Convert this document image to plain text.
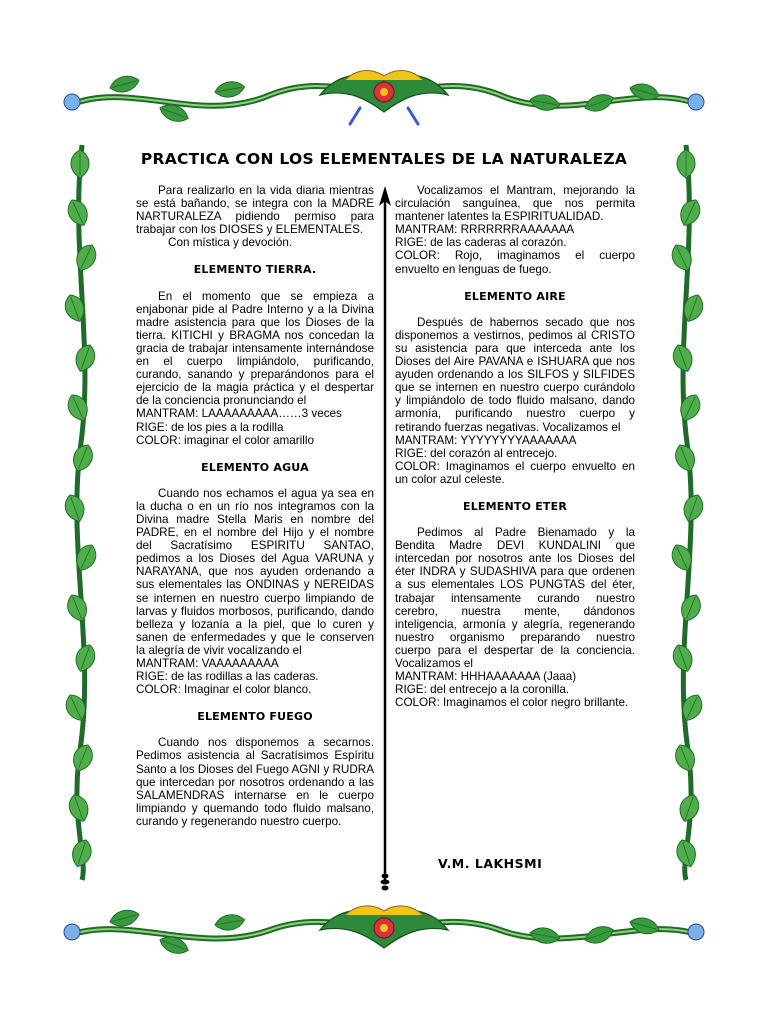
PRACTICA CON LOS ELEMENTALES DE LA NATURALEZA

Para realizarlo en la vida diaria mientras se está bañando, se integra con la MADRE NARTURALEZA pidiendo permiso para trabajar con los DIOSES y ELEMENTALES.

Con mística y devoción.

ELEMENTO TIERRA.

En el momento que se empieza a enjabonar pide al Padre Interno y a la Divina madre asistencia para que los Dioses de la tierra. KITICHI y BRAGMA nos concedan la gracia de trabajar intensamente internándose en el cuerpo limpiándolo, purificando, curando, sanando y preparándonos para el ejercicio de la magia práctica y el despertar de la conciencia pronunciando el

MANTRAM: LAAAAAAAAA……3 veces

RIGE: de los pies a la rodilla

COLOR: imaginar el color amarillo

ELEMENTO AGUA

Cuando nos echamos el agua ya sea en la ducha o en un río nos integramos con la Divina madre Stella Maris en nombre del PADRE, en el nombre del Hijo y el nombre del Sacratísimo ESPIRITU SANTAO, pedimos a los Dioses del Agua VARUNA y NARAYANA, que nos ayuden ordenando a sus elementales las ONDINAS y NEREIDAS se internen en nuestro cuerpo limpiando de larvas y fluidos morbosos, purificando, dando belleza y lozanía a la piel, que lo curen y sanen de enfermedades y que le conserven la alegría de vivir vocalizando el

MANTRAM: VAAAAAAAAA

RIGE: de las rodillas a las caderas.

COLOR: Imaginar el color blanco.

ELEMENTO FUEGO

Cuando nos disponemos a secarnos. Pedimos asistencia al Sacratísimos Espíritu Santo a los Dioses del Fuego AGNI y RUDRA que intercedan por nosotros ordenando a las SALAMENDRAS internarse en le cuerpo limpiando y quemando todo fluido malsano, curando y regenerando nuestro cuerpo.

Vocalizamos el Mantram, mejorando la circulación sanguínea, que nos permita mantener latentes la ESPIRITUALIDAD.

MANTRAM: RRRRRRRAAAAAAA

RIGE: de las caderas al corazón.

COLOR: Rojo, imaginamos el cuerpo envuelto en lenguas de fuego.

ELEMENTO AIRE

Después de habernos secado que nos disponemos a vestirnos, pedimos al CRISTO su asistencia para que interceda ante los Dioses del Aire PAVANA e ISHUARA que nos ayuden ordenando a los SILFOS y SILFIDES que se internen en nuestro cuerpo curándolo y limpiándolo de todo fluido malsano, dando armonía, purificando nuestro cuerpo y retirando fuerzas negativas. Vocalizamos el

MANTRAM: YYYYYYYYAAAAAAA

RIGE: del corazón al entrecejo.

COLOR: Imaginamos el cuerpo envuelto en un color azul celeste.

ELEMENTO ETER

Pedimos al Padre Bienamado y la Bendita Madre DEVI KUNDALINI que intercedan por nosotros ante los Dioses del éter INDRA y SUDASHIVA para que ordenen a sus elementales LOS PUNGTAS del éter, trabajar intensamente curando nuestro cerebro, nuestra mente, dándonos inteligencia, armonía y alegría, regenerando nuestro organismo preparando nuestro cuerpo para el despertar de la conciencia. Vocalizamos el

MANTRAM: HHHAAAAAAA (Jaaa)

RIGE: del entrecejo a la coronilla.

COLOR: Imaginamos el color negro brillante.

V.M. LAKHSMI
